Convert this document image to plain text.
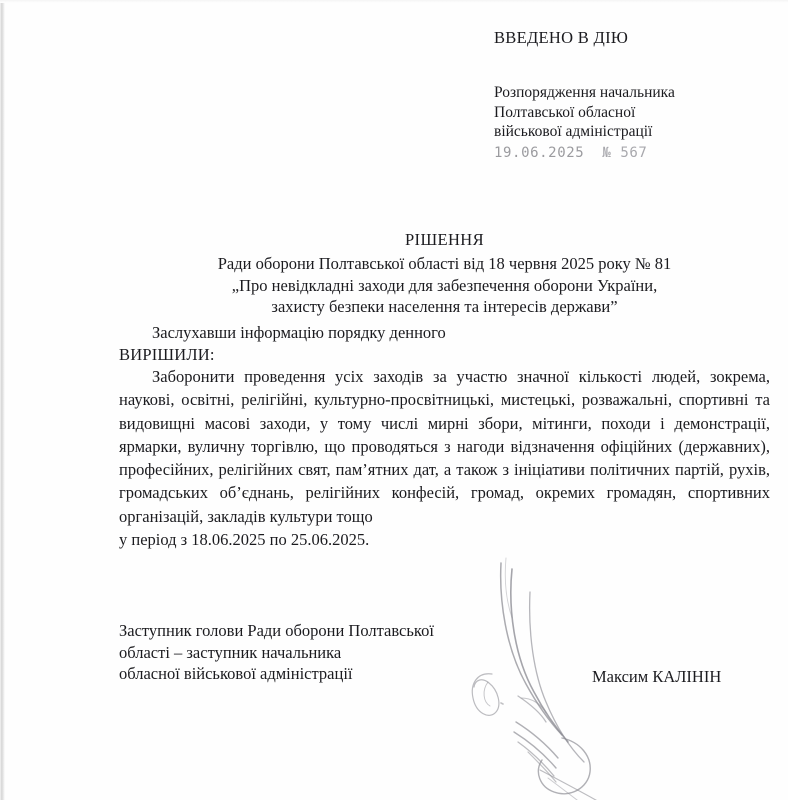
ВВЕДЕНО В ДІЮ
Розпорядження начальника
Полтавської обласної
військової адміністрації
19.06.2025 № 567
РІШЕННЯ
Ради оборони Полтавської області від 18 червня 2025 року № 81
„Про невідкладні заходи для забезпечення оборони України,
захисту безпеки населення та інтересів держави”
Заслухавши інформацію порядку денного
ВИРІШИЛИ:
Заборонити проведення усіх заходів за участю значної кількості людей, зокрема, наукові, освітні, релігійні, культурно-просвітницькі, мистецькі, розважальні, спортивні та видовищні масові заходи, у тому числі мирні збори, мітинги, походи і демонстрації, ярмарки, вуличну торгівлю, що проводяться з нагоди відзначення офіційних (державних), професійних, релігійних свят, пам’ятних дат, а також з ініціативи політичних партій, рухів, громадських об’єднань, релігійних конфесій, громад, окремих громадян, спортивних організацій, закладів культури тощо
у період з 18.06.2025 по 25.06.2025.
Заступник голови Ради оборони Полтавської
області – заступник начальника
обласної військової адміністрації	Максим КАЛІНІН
